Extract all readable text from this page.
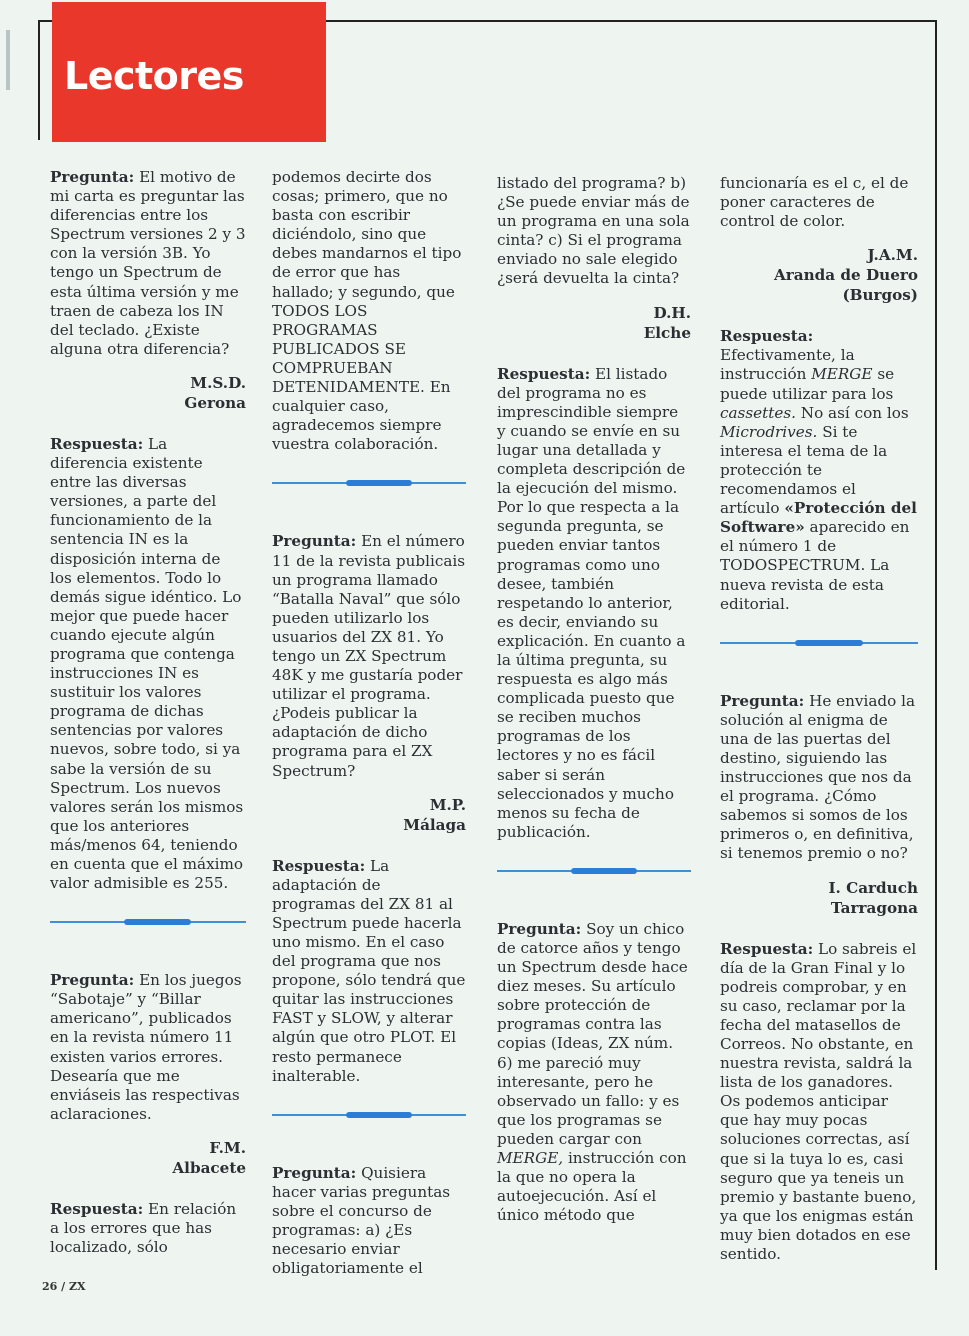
Lectores

Pregunta: El motivo de mi carta es preguntar las diferencias entre los Spectrum versiones 2 y 3 con la versión 3B. Yo tengo un Spectrum de esta última versión y me traen de cabeza los IN del teclado. ¿Existe alguna otra diferencia?

M.S.D.
Gerona

Respuesta: La diferencia existente entre las diversas versiones, a parte del funcionamiento de la sentencia IN es la disposición interna de los elementos. Todo lo demás sigue idéntico. Lo mejor que puede hacer cuando ejecute algún programa que contenga instrucciones IN es sustituir los valores programa de dichas sentencias por valores nuevos, sobre todo, si ya sabe la versión de su Spectrum. Los nuevos valores serán los mismos que los anteriores más/menos 64, teniendo en cuenta que el máximo valor admisible es 255.

Pregunta: En los juegos “Sabotaje” y “Billar americano”, publicados en la revista número 11 existen varios errores. Desearía que me enviáseis las respectivas aclaraciones.

F.M.
Albacete

Respuesta: En relación a los errores que has localizado, sólo

podemos decirte dos cosas; primero, que no basta con escribir diciéndolo, sino que debes mandarnos el tipo de error que has hallado; y segundo, que TODOS LOS PROGRAMAS PUBLICADOS SE COMPRUEBAN DETENIDAMENTE. En cualquier caso, agradecemos siempre vuestra colaboración.

Pregunta: En el número 11 de la revista publicais un programa llamado “Batalla Naval” que sólo pueden utilizarlo los usuarios del ZX 81. Yo tengo un ZX Spectrum 48K y me gustaría poder utilizar el programa. ¿Podeis publicar la adaptación de dicho programa para el ZX Spectrum?

M.P.
Málaga

Respuesta: La adaptación de programas del ZX 81 al Spectrum puede hacerla uno mismo. En el caso del programa que nos propone, sólo tendrá que quitar las instrucciones FAST y SLOW, y alterar algún que otro PLOT. El resto permanece inalterable.

Pregunta: Quisiera hacer varias preguntas sobre el concurso de programas: a) ¿Es necesario enviar obligatoriamente el

listado del programa? b) ¿Se puede enviar más de un programa en una sola cinta? c) Si el programa enviado no sale elegido ¿será devuelta la cinta?

D.H.
Elche

Respuesta: El listado del programa no es imprescindible siempre y cuando se envíe en su lugar una detallada y completa descripción de la ejecución del mismo. Por lo que respecta a la segunda pregunta, se pueden enviar tantos programas como uno desee, también respetando lo anterior, es decir, enviando su explicación. En cuanto a la última pregunta, su respuesta es algo más complicada puesto que se reciben muchos programas de los lectores y no es fácil saber si serán seleccionados y mucho menos su fecha de publicación.

Pregunta: Soy un chico de catorce años y tengo un Spectrum desde hace diez meses. Su artículo sobre protección de programas contra las copias (Ideas, ZX núm. 6) me pareció muy interesante, pero he observado un fallo: y es que los programas se pueden cargar con MERGE, instrucción con la que no opera la autoejecución. Así el único método que

funcionaría es el c, el de poner caracteres de control de color.

J.A.M.
Aranda de Duero
(Burgos)

Respuesta: Efectivamente, la instrucción MERGE se puede utilizar para los cassettes. No así con los Microdrives. Si te interesa el tema de la protección te recomendamos el artículo «Protección del Software» aparecido en el número 1 de TODOSPECTRUM. La nueva revista de esta editorial.

Pregunta: He enviado la solución al enigma de una de las puertas del destino, siguiendo las instrucciones que nos da el programa. ¿Cómo sabemos si somos de los primeros o, en definitiva, si tenemos premio o no?

I. Carduch
Tarragona

Respuesta: Lo sabreis el día de la Gran Final y lo podreis comprobar, y en su caso, reclamar por la fecha del matasellos de Correos. No obstante, en nuestra revista, saldrá la lista de los ganadores. Os podemos anticipar que hay muy pocas soluciones correctas, así que si la tuya lo es, casi seguro que ya teneis un premio y bastante bueno, ya que los enigmas están muy bien dotados en ese sentido.

26 / ZX
